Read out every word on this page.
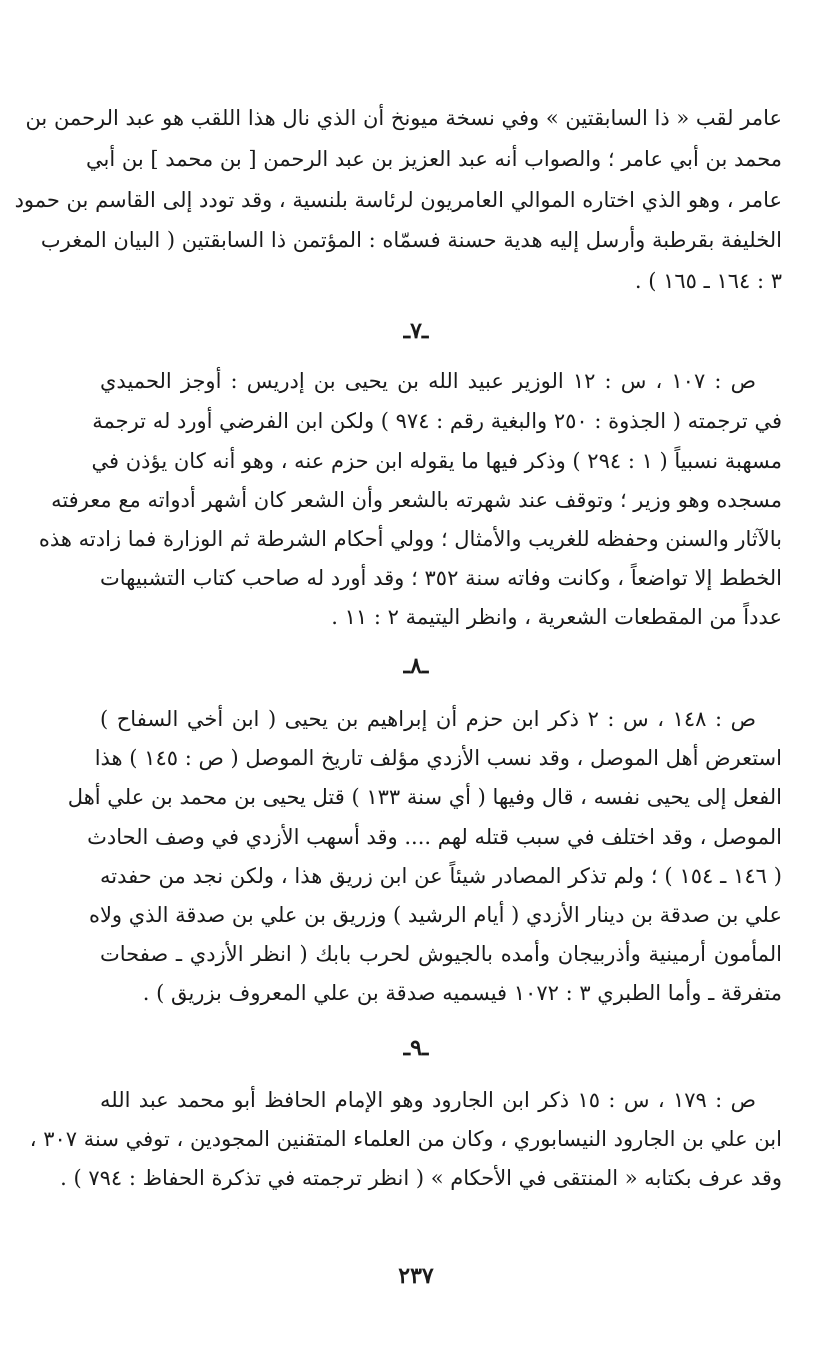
عامر لقب « ذا السابقتين » وفي نسخة ميونخ أن الذي نال هذا اللقب هو عبد الرحمن بن
محمد بن أبي عامر ؛ والصواب أنه عبد العزيز بن عبد الرحمن [ بن محمد ] بن أبي
عامر ، وهو الذي اختاره الموالي العامريون لرئاسة بلنسية ، وقد تودد إلى القاسم بن حمود
الخليفة بقرطبة وأرسل إليه هدية حسنة فسمّاه : المؤتمن ذا السابقتين ( البيان المغرب
٣ : ١٦٤ ـ ١٦٥ ) .
ـ٧ـ
ص : ١٠٧ ، س : ١٢ الوزير عبيد الله بن يحيى بن إدريس : أوجز الحميدي
في ترجمته ( الجذوة : ٢٥٠ والبغية رقم : ٩٧٤ ) ولكن ابن الفرضي أورد له ترجمة
مسهبة نسبياً ( ١ : ٢٩٤ ) وذكر فيها ما يقوله ابن حزم عنه ، وهو أنه كان يؤذن في
مسجده وهو وزير ؛ وتوقف عند شهرته بالشعر وأن الشعر كان أشهر أدواته مع معرفته
بالآثار والسنن وحفظه للغريب والأمثال ؛ وولي أحكام الشرطة ثم الوزارة فما زادته هذه
الخطط إلا تواضعاً ، وكانت وفاته سنة ٣٥٢ ؛ وقد أورد له صاحب كتاب التشبيهات
عدداً من المقطعات الشعرية ، وانظر اليتيمة ٢ : ١١ .
ـ٨ـ
ص : ١٤٨ ، س : ٢ ذكر ابن حزم أن إبراهيم بن يحيى ( ابن أخي السفاح )
استعرض أهل الموصل ، وقد نسب الأزدي مؤلف تاريخ الموصل ( ص : ١٤٥ ) هذا
الفعل إلى يحيى نفسه ، قال وفيها ( أي سنة ١٣٣ ) قتل يحيى بن محمد بن علي أهل
الموصل ، وقد اختلف في سبب قتله لهم .... وقد أسهب الأزدي في وصف الحادث
( ١٤٦ ـ ١٥٤ ) ؛ ولم تذكر المصادر شيئاً عن ابن زريق هذا ، ولكن نجد من حفدته
علي بن صدقة بن دينار الأزدي ( أيام الرشيد ) وزريق بن علي بن صدقة الذي ولاه
المأمون أرمينية وأذربيجان وأمده بالجيوش لحرب بابك ( انظر الأزدي ـ صفحات
متفرقة ـ وأما الطبري ٣ : ١٠٧٢ فيسميه صدقة بن علي المعروف بزريق ) .
ـ٩ـ
ص : ١٧٩ ، س : ١٥ ذكر ابن الجارود وهو الإمام الحافظ أبو محمد عبد الله
ابن علي بن الجارود النيسابوري ، وكان من العلماء المتقنين المجودين ، توفي سنة ٣٠٧ ،
وقد عرف بكتابه « المنتقى في الأحكام » ( انظر ترجمته في تذكرة الحفاظ : ٧٩٤ ) .
٢٣٧
